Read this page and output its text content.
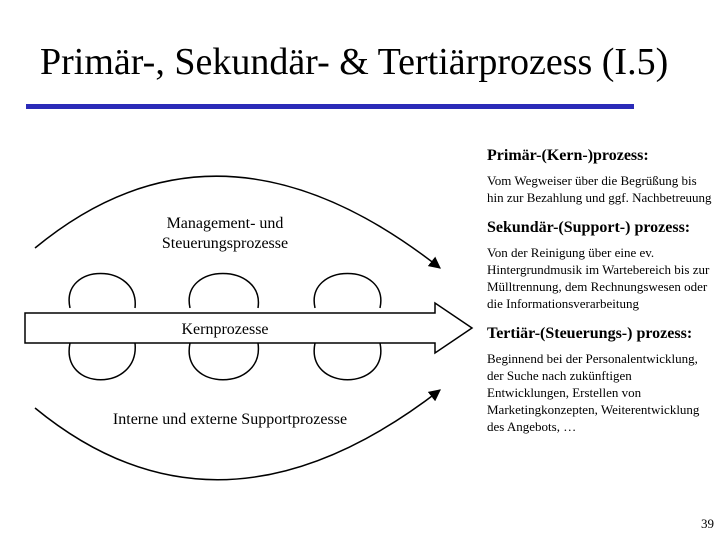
Primär-, Sekundär- & Tertiärprozess (I.5)
Management- und
Steuerungsprozesse
Kernprozesse
Interne und externe Supportprozesse
Primär-(Kern-)prozess:

Vom Wegweiser über die Begrüßung bis hin zur Bezahlung und ggf. Nachbetreuung

Sekundär-(Support-) prozess:

Von der Reinigung über eine ev. Hintergrundmusik im Wartebereich bis zur Mülltrennung, dem Rechnungswesen oder die Informationsverarbeitung

Tertiär-(Steuerungs-) prozess:

Beginnend bei der Personalentwicklung, der Suche nach zukünftigen Entwicklungen, Erstellen von Marketingkonzepten, Weiterentwicklung des Angebots, …

39
